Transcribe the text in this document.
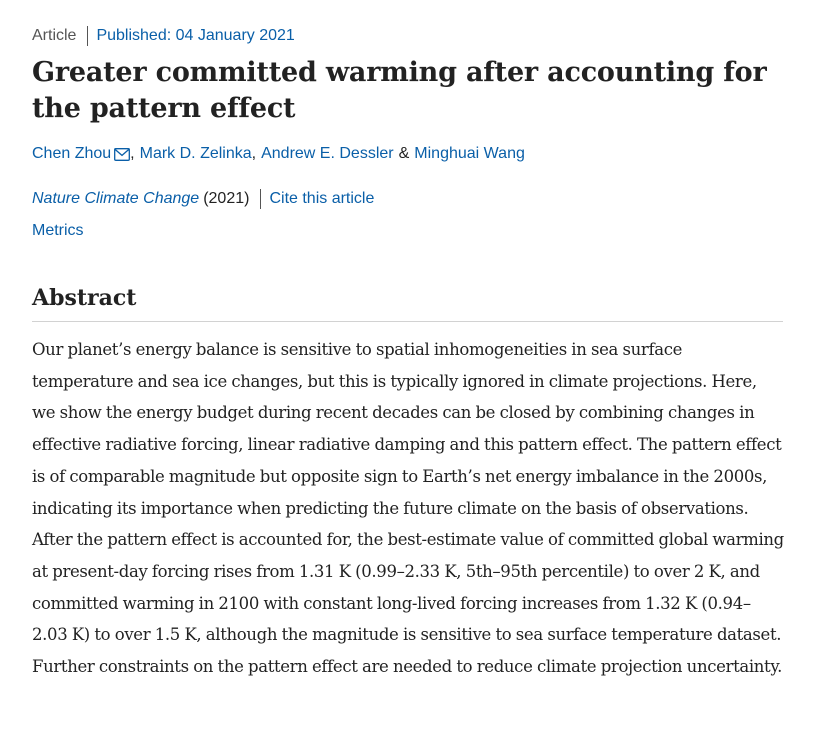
Article Published: 04 January 2021
Greater committed warming after accounting for the pattern effect
Chen Zhou , Mark D. Zelinka , Andrew E. Dessler & Minghuai Wang
Nature Climate Change (2021) Cite this article
Metrics
Abstract

Our planet’s energy balance is sensitive to spatial inhomogeneities in sea surface temperature and sea ice changes, but this is typically ignored in climate projections. Here, we show the energy budget during recent decades can be closed by combining changes in effective radiative forcing, linear radiative damping and this pattern effect. The pattern effect is of comparable magnitude but opposite sign to Earth’s net energy imbalance in the 2000s, indicating its importance when predicting the future climate on the basis of observations. After the pattern effect is accounted for, the best-estimate value of committed global warming at present-day forcing rises from 1.31 K (0.99–2.33 K, 5th–95th percentile) to over 2 K, and committed warming in 2100 with constant long-lived forcing increases from 1.32 K (0.94–2.03 K) to over 1.5 K, although the magnitude is sensitive to sea surface temperature dataset. Further constraints on the pattern effect are needed to reduce climate projection uncertainty.
